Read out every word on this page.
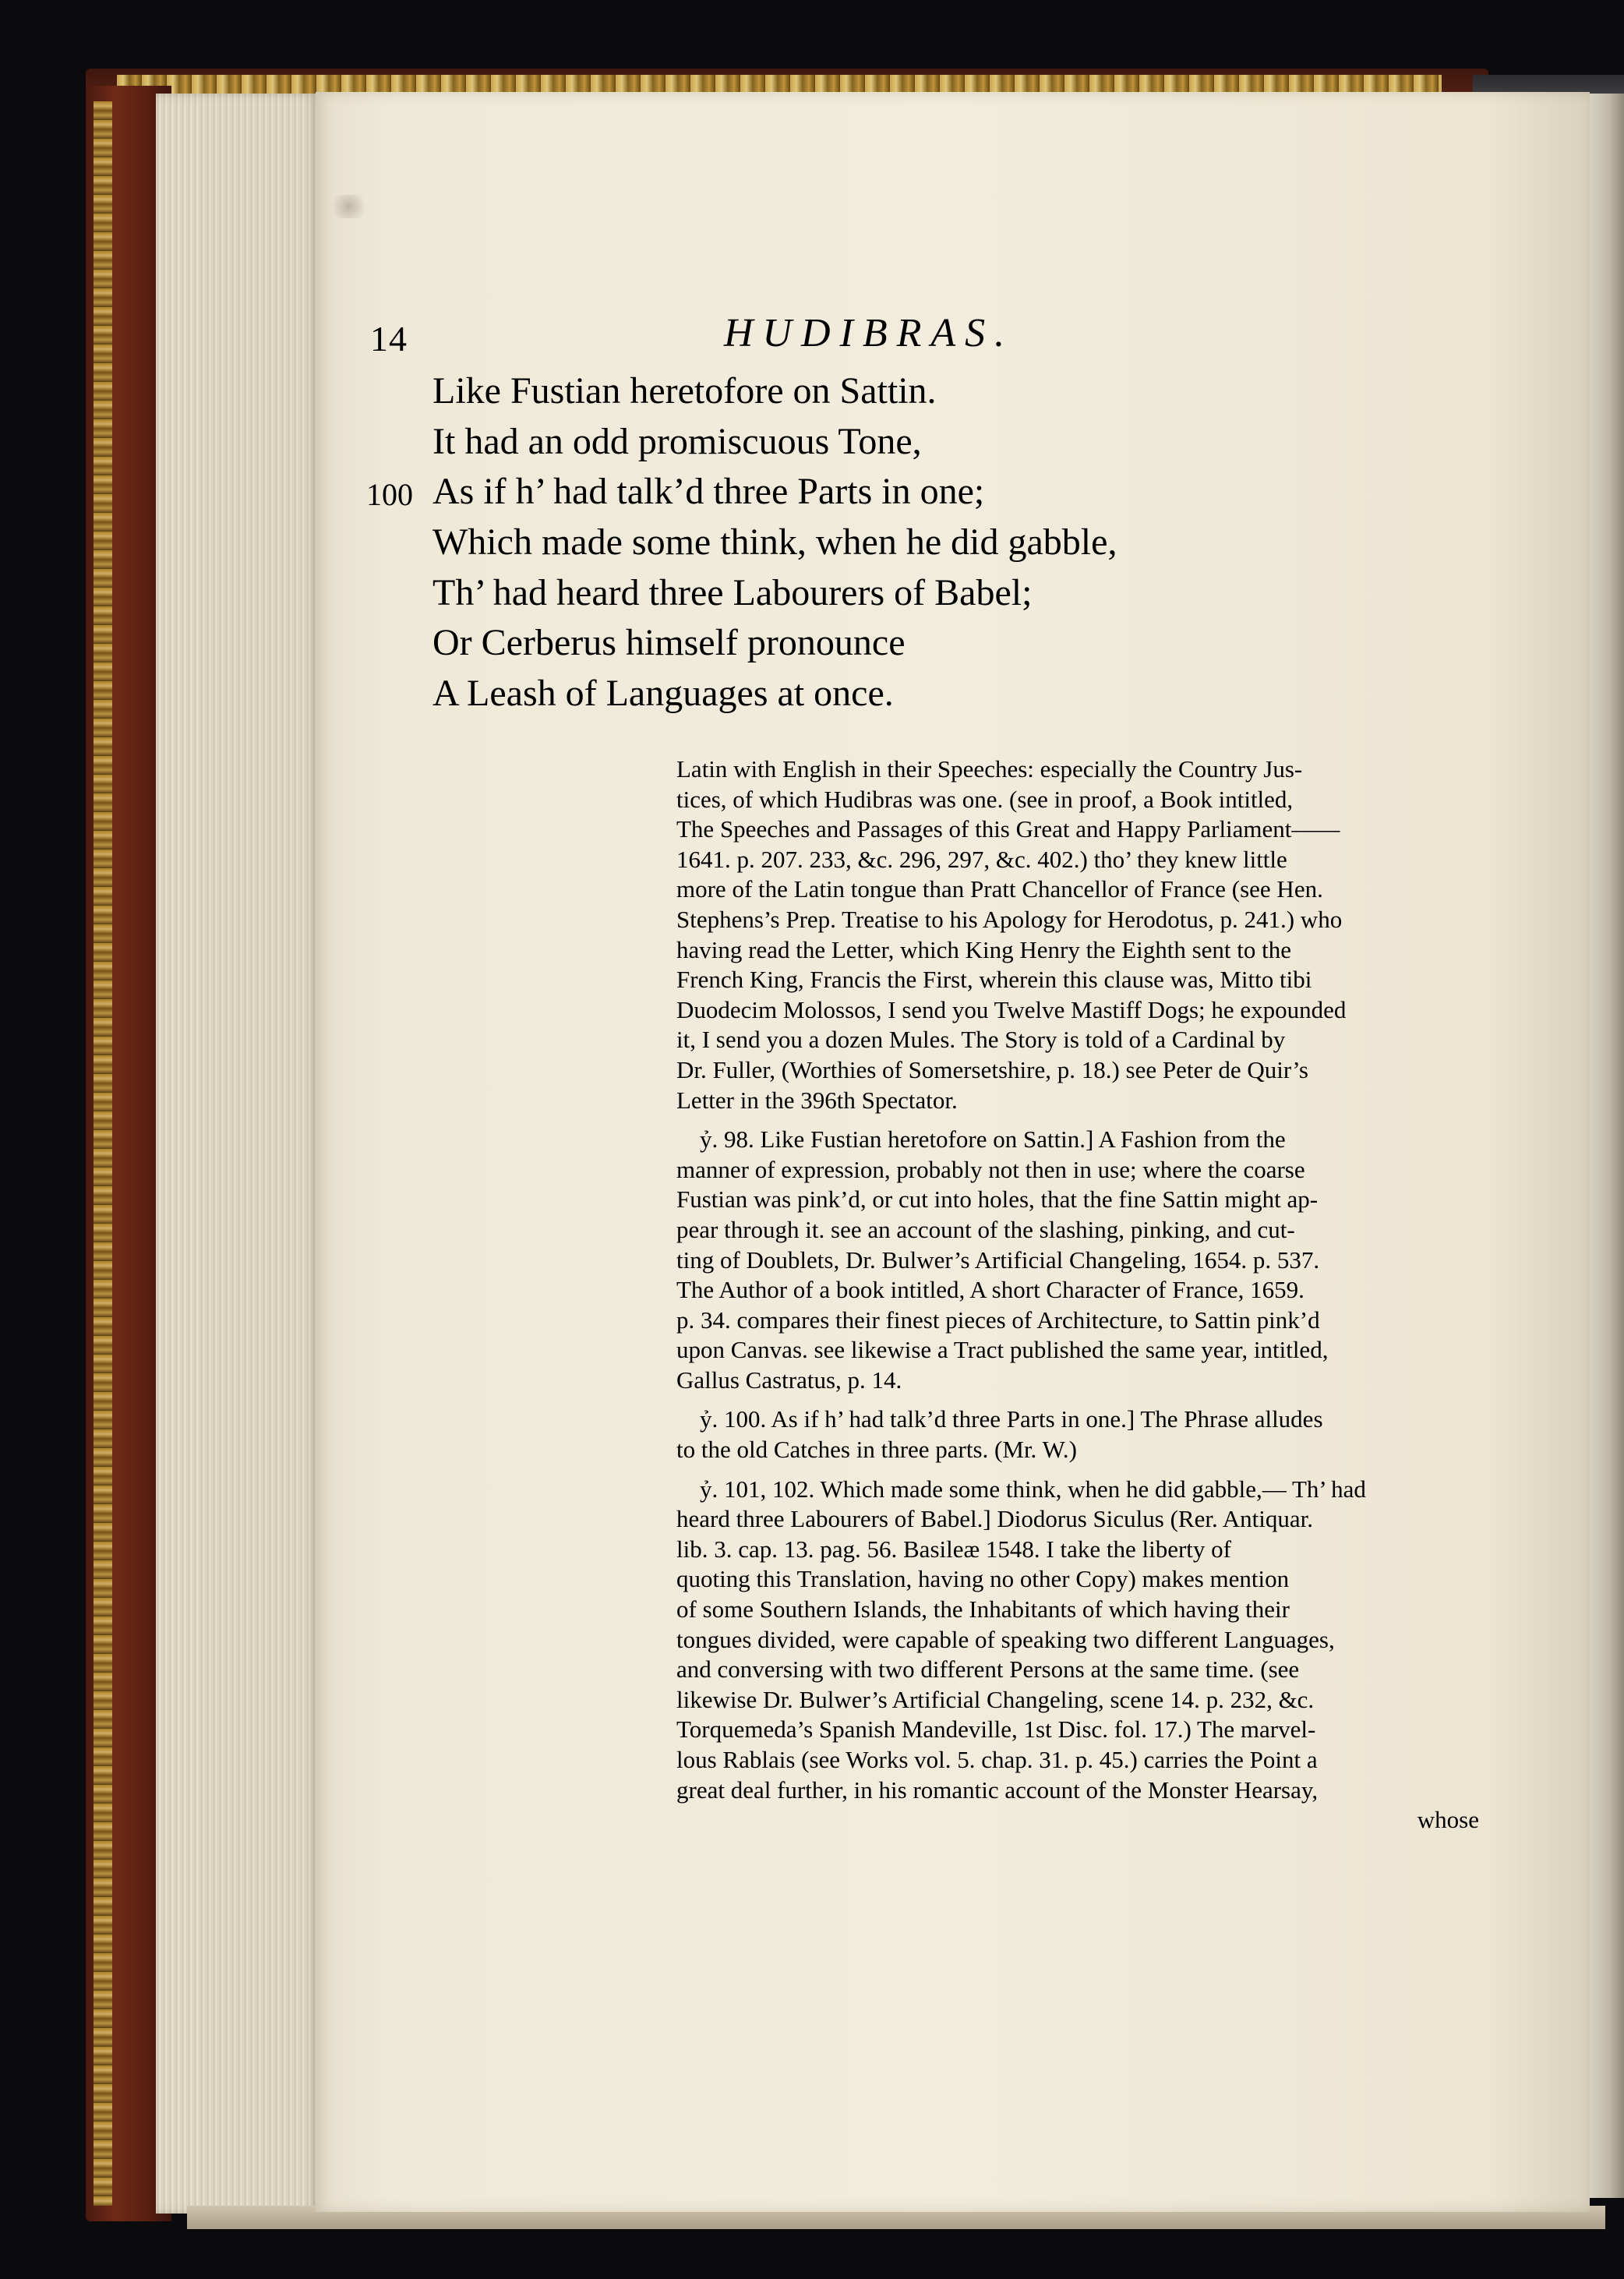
14	HUDIBRAS.
Like Fustian heretofore on Sattin.
It had an odd promiscuous Tone,
100 As if h’ had talk’d three Parts in one;
Which made some think, when he did gabble,
Th’ had heard three Labourers of Babel;
Or Cerberus himself pronounce
A Leash of Languages at once.
Latin with English in their Speeches: especially the Country Jus-
tices, of which Hudibras was one. (see in proof, a Book intitled,
The Speeches and Passages of this Great and Happy Parliament——
1641. p. 207. 233, &c. 296, 297, &c. 402.) tho’ they knew little
more of the Latin tongue than Pratt Chancellor of France (see Hen.
Stephens’s Prep. Treatise to his Apology for Herodotus, p. 241.) who
having read the Letter, which King Henry the Eighth sent to the
French King, Francis the First, wherein this clause was, Mitto tibi
Duodecim Molossos, I send you Twelve Mastiff Dogs; he expounded
it, I send you a dozen Mules. The Story is told of a Cardinal by
Dr. Fuller, (Worthies of Somersetshire, p. 18.) see Peter de Quir’s
Letter in the 396th Spectator.
ỷ. 98. Like Fustian heretofore on Sattin.] A Fashion from the
manner of expression, probably not then in use; where the coarse
Fustian was pink’d, or cut into holes, that the fine Sattin might ap-
pear through it. see an account of the slashing, pinking, and cut-
ting of Doublets, Dr. Bulwer’s Artificial Changeling, 1654. p. 537.
The Author of a book intitled, A short Character of France, 1659.
p. 34. compares their finest pieces of Architecture, to Sattin pink’d
upon Canvas. see likewise a Tract published the same year, intitled,
Gallus Castratus, p. 14.
ỷ. 100. As if h’ had talk’d three Parts in one.] The Phrase alludes
to the old Catches in three parts. (Mr. W.)
ỷ. 101, 102. Which made some think, when he did gabble,— Th’ had
heard three Labourers of Babel.] Diodorus Siculus (Rer. Antiquar.
lib. 3. cap. 13. pag. 56. Basileæ 1548. I take the liberty of
quoting this Translation, having no other Copy) makes mention
of some Southern Islands, the Inhabitants of which having their
tongues divided, were capable of speaking two different Languages,
and conversing with two different Persons at the same time. (see
likewise Dr. Bulwer’s Artificial Changeling, scene 14. p. 232, &c.
Torquemeda’s Spanish Mandeville, 1st Disc. fol. 17.) The marvel-
lous Rablais (see Works vol. 5. chap. 31. p. 45.) carries the Point a
great deal further, in his romantic account of the Monster Hearsay,
whose
